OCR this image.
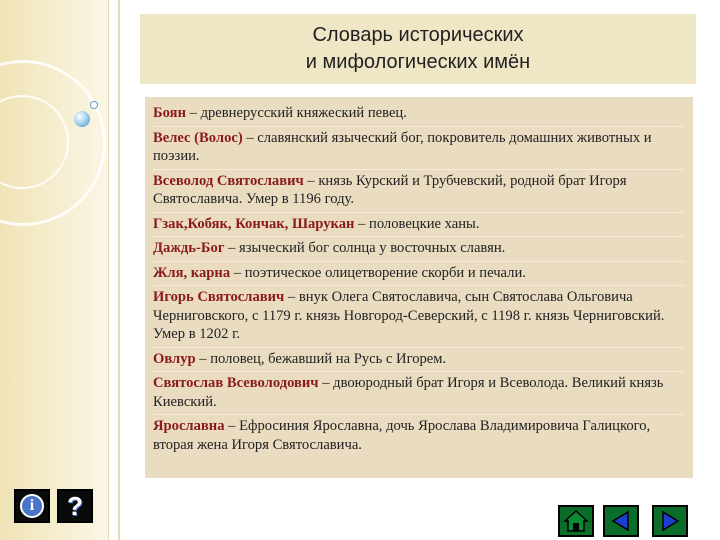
Словарь исторических
и мифологических имён
Боян – древнерусский княжеский певец.
Велес (Волос) – славянский языческий бог, покровитель домашних животных и поэзии.
Всеволод Святославич – князь Курский и Трубчевский, родной брат Игоря Святославича. Умер в 1196 году.
Гзак,Кобяк, Кончак, Шарукан – половецкие ханы.
Даждь-Бог – языческий бог солнца у восточных славян.
Жля, карна – поэтическое олицетворение скорби и печали.
Игорь Святославич – внук Олега Святославича, сын Святослава Ольговича Черниговского, с 1179 г. князь Новгород-Северский, с 1198 г. князь Черниговский. Умер в 1202 г.
Овлур – половец, бежавший на Русь с Игорем.
Святослав Всеволодович – двоюродный брат Игоря и Всеволода. Великий князь Киевский.
Ярославна – Ефросиния Ярославна, дочь Ярослава Владимировича Галицкого, вторая жена Игоря Святославича.
i	?
